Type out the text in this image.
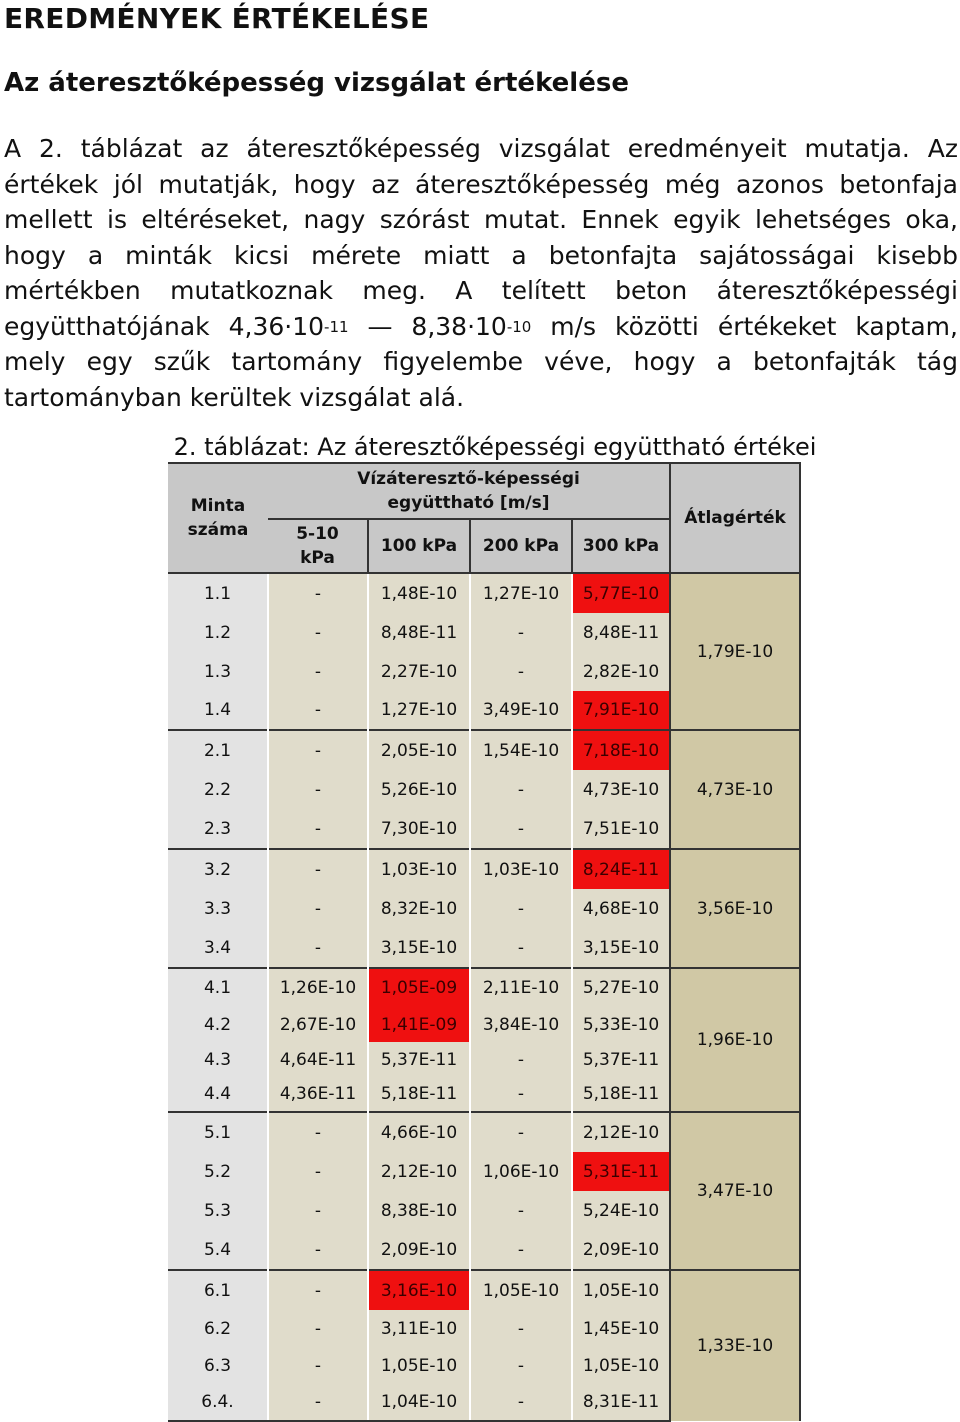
EREDMÉNYEK ÉRTÉKELÉSE
Az áteresztőképesség vizsgálat értékelése
A 2. táblázat az áteresztőképesség vizsgálat eredményeit mutatja. Az
értékek jól mutatják, hogy az áteresztőképesség még azonos betonfaja
mellett is eltéréseket, nagy szórást mutat. Ennek egyik lehetséges oka,
hogy a minták kicsi mérete miatt a betonfajta sajátosságai kisebb
mértékben mutatkoznak meg. A telített beton áteresztőképességi
együtthatójának $4,36\cdot 10^{-11}$ — $8,38\cdot 10^{-10}$ m/s közötti értékeket kaptam,
mely egy szűk tartomány figyelembe véve, hogy a betonfajták tág
tartományban kerültek vizsgálat alá.
2. táblázat: Az áteresztőképességi együttható értékei
Minta száma	Vízáteresztő-képességi együttható [m/s]				Átlagérték
	5-10 kPa	100 kPa	200 kPa	300 kPa	
1.1	-	1,48E-10	1,27E-10	5,77E-10	1,79E-10
1.2	-	8,48E-11	-	8,48E-11	
1.3	-	2,27E-10	-	2,82E-10	
1.4	-	1,27E-10	3,49E-10	7,91E-10	
2.1	-	2,05E-10	1,54E-10	7,18E-10	4,73E-10
2.2	-	5,26E-10	-	4,73E-10	
2.3	-	7,30E-10	-	7,51E-10	
3.2	-	1,03E-10	1,03E-10	8,24E-11	3,56E-10
3.3	-	8,32E-10	-	4,68E-10	
3.4	-	3,15E-10	-	3,15E-10	
4.1	1,26E-10	1,05E-09	2,11E-10	5,27E-10	1,96E-10
4.2	2,67E-10	1,41E-09	3,84E-10	5,33E-10	
4.3	4,64E-11	5,37E-11	-	5,37E-11	
4.4	4,36E-11	5,18E-11	-	5,18E-11	
5.1	-	4,66E-10	-	2,12E-10	3,47E-10
5.2	-	2,12E-10	1,06E-10	5,31E-11	
5.3	-	8,38E-10	-	5,24E-10	
5.4	-	2,09E-10	-	2,09E-10	
6.1	-	3,16E-10	1,05E-10	1,05E-10	1,33E-10
6.2	-	3,11E-10	-	1,45E-10	
6.3	-	1,05E-10	-	1,05E-10	
6.4.	-	1,04E-10	-	8,31E-11	
